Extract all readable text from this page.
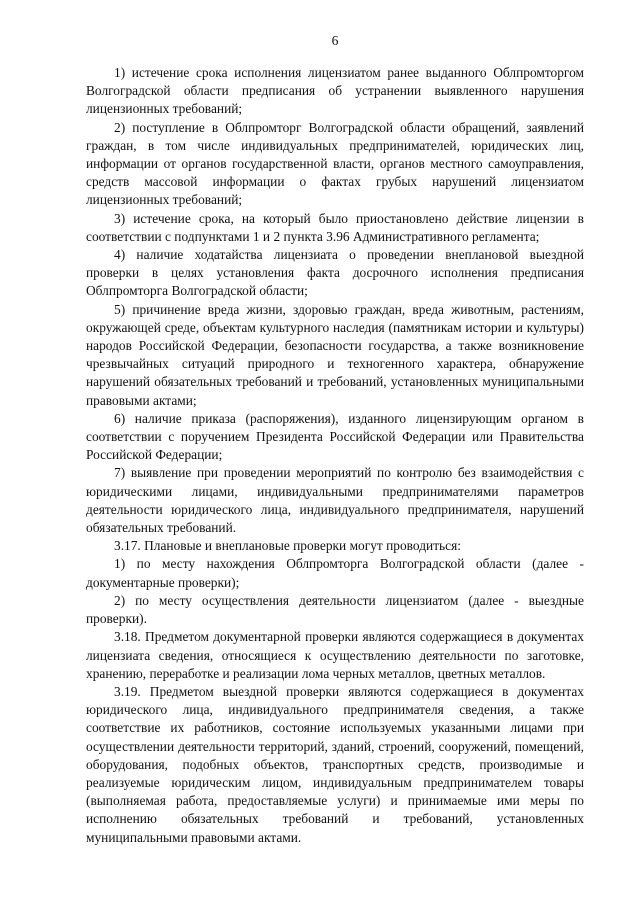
6

1) истечение срока исполнения лицензиатом ранее выданного Облпромторгом Волгоградской области предписания об устранении выявленного нарушения лицензионных требований;

2) поступление в Облпромторг Волгоградской области обращений, заявлений граждан, в том числе индивидуальных предпринимателей, юридических лиц, информации от органов государственной власти, органов местного самоуправления, средств массовой информации о фактах грубых нарушений лицензиатом лицензионных требований;

3) истечение срока, на который было приостановлено действие лицензии в соответствии с подпунктами 1 и 2 пункта 3.96 Административного регламента;

4) наличие ходатайства лицензиата о проведении внеплановой выездной проверки в целях установления факта досрочного исполнения предписания Облпромторга Волгоградской области;

5) причинение вреда жизни, здоровью граждан, вреда животным, растениям, окружающей среде, объектам культурного наследия (памятникам истории и культуры) народов Российской Федерации, безопасности государства, а также возникновение чрезвычайных ситуаций природного и техногенного характера, обнаружение нарушений обязательных требований и требований, установленных муниципальными правовыми актами;

6) наличие приказа (распоряжения), изданного лицензирующим органом в соответствии с поручением Президента Российской Федерации или Правительства Российской Федерации;

7) выявление при проведении мероприятий по контролю без взаимодействия с юридическими лицами, индивидуальными предпринимателями параметров деятельности юридического лица, индивидуального предпринимателя, нарушений обязательных требований.

3.17. Плановые и внеплановые проверки могут проводиться:

1) по месту нахождения Облпромторга Волгоградской области (далее - документарные проверки);

2) по месту осуществления деятельности лицензиатом (далее - выездные проверки).

3.18. Предметом документарной проверки являются содержащиеся в документах лицензиата сведения, относящиеся к осуществлению деятельности по заготовке, хранению, переработке и реализации лома черных металлов, цветных металлов.

3.19. Предметом выездной проверки являются содержащиеся в документах юридического лица, индивидуального предпринимателя сведения, а также соответствие их работников, состояние используемых указанными лицами при осуществлении деятельности территорий, зданий, строений, сооружений, помещений, оборудования, подобных объектов, транспортных средств, производимые и реализуемые юридическим лицом, индивидуальным предпринимателем товары (выполняемая работа, предоставляемые услуги) и принимаемые ими меры по исполнению обязательных требований и требований, установленных муниципальными правовыми актами.
